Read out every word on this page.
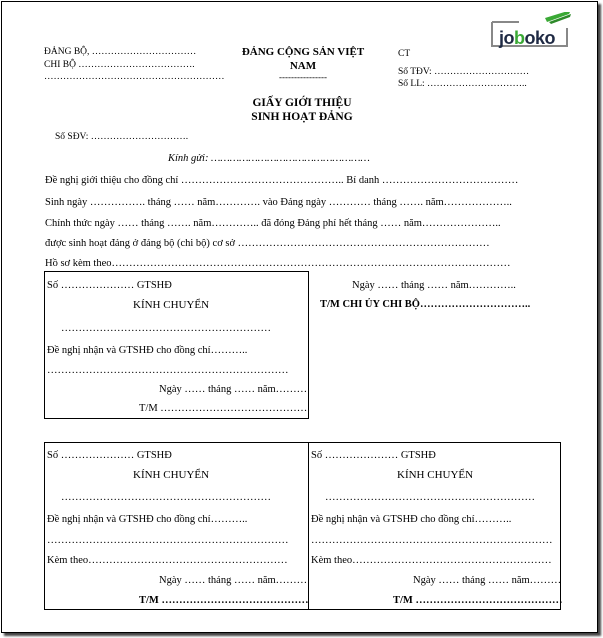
joboko
ĐẢNG BỘ, ……………………………
CHI BỘ ……………………………….
…………………………………………………
ĐẢNG CỘNG SẢN VIỆT
NAM
----------------
CT
Số TĐV: …………………………
Số LL: …………………………..
GIẤY GIỚI THIỆU
SINH HOẠT ĐẢNG
Số SĐV: ………………………….
Kính gửi: ……………………………………………
Đề nghị giới thiệu cho đồng chí ……………………………………….. Bí danh …………………………………
Sinh ngày ……………. tháng …… năm…………. vào Đảng ngày ………… tháng ……. năm………………..
Chính thức ngày …… tháng ……. năm………….. đã đóng Đảng phí hết tháng …… năm…………………..
được sinh hoạt đảng ở đảng bộ (chi bộ) cơ sở ………………………………………………………………
Hồ sơ kèm theo……………………………………………………………………………………………………
Số ………………… GTSHĐ
KÍNH CHUYỂN
……………………………………………………
Đề nghị nhận và GTSHĐ cho đồng chí………..
……………………………………………………………
Ngày …… tháng …… năm………
T/M ……………………………………
Ngày …… tháng …… năm…………..
T/M CHI ỦY CHI BỘ…………………………..
Số ………………… GTSHĐ
KÍNH CHUYỂN
……………………………………………………
Đề nghị nhận và GTSHĐ cho đồng chí………..
……………………………………………………………
Kèm theo…………………………………………………
Ngày …… tháng …… năm………
T/M ……………………………………
Số ………………… GTSHĐ
KÍNH CHUYỂN
……………………………………………………
Đề nghị nhận và GTSHĐ cho đồng chí………..
……………………………………………………………
Kèm theo…………………………………………………
Ngày …… tháng …… năm………
T/M ……………………………………
